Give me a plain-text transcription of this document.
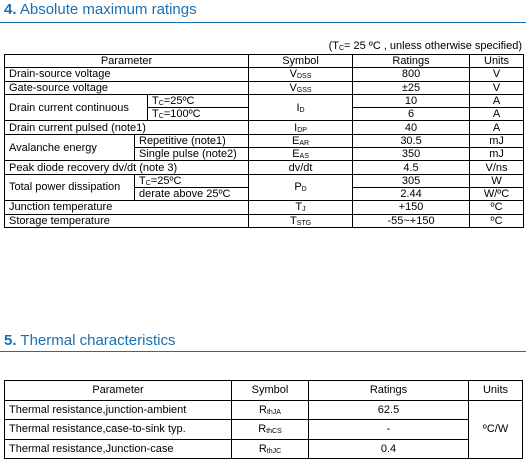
4. Absolute maximum ratings
($T_C= 25$ ºC , unless otherwise specified)
Parameter			Symbol	Ratings	Units
Drain-source voltage			$V_{DSS}$	800	V
Gate-source voltage			$V_{GSS}$	±25	V
Drain current continuous		$T_C=25ºC$	$I_D$	10	A
		$T_C=100ºC$		6	A
Drain current pulsed (note1)			$I_{DP}$	40	A
Avalanche energy	Repetitive (note1)		$E_{AR}$	30.5	mJ
	Single pulse (note2)		$E_{AS}$	350	mJ
Peak diode recovery dv/dt (note 3)			dv/dt	4.5	V/ns
Total power dissipation	$T_C=25ºC$		$P_D$	305	W
	derate above 25ºC			2.44	W/ºC
Junction temperature			$T_J$	+150	ºC
Storage temperature			$T_{STG}$	-55~+150	ºC
5. Thermal characteristics
Parameter	Symbol	Ratings	Units
Thermal resistance,junction-ambient	$R_{thJA}$	62.5	ºC/W
Thermal resistance,case-to-sink typ.	$R_{thCS}$	-	
Thermal resistance,Junction-case	$R_{thJC}$	0.4	
